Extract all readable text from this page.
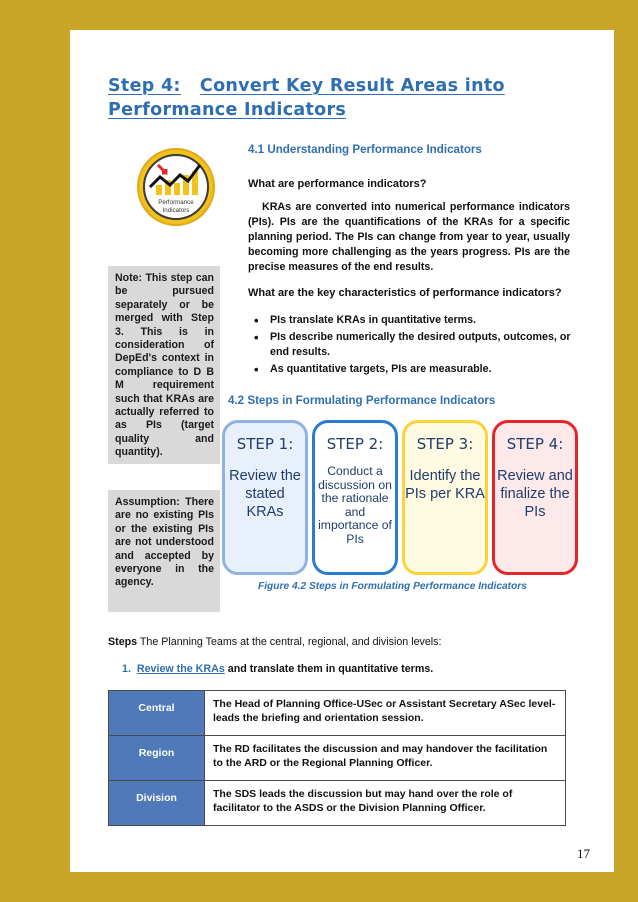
Step 4: Convert Key Result Areas into Performance Indicators
Performance
Indicators
4.1 Understanding Performance Indicators
What are performance indicators?
KRAs are converted into numerical performance indicators (PIs). PIs are the quantifications of the KRAs for a specific planning period. The PIs can change from year to year, usually becoming more challenging as the years progress. PIs are the precise measures of the end results.
What are the key characteristics of performance indicators?
• PIs translate KRAs in quantitative terms.
• PIs describe numerically the desired outputs, outcomes, or end results.
• As quantitative targets, PIs are measurable.
Note: This step can be pursued separately or be merged with Step 3. This is in consideration of DepEd's context in compliance to D B M requirement such that KRAs are actually referred to as PIs (target quality and quantity).
Assumption: There are no existing PIs or the existing PIs are not understood and accepted by everyone in the agency.
4.2 Steps in Formulating Performance Indicators
STEP 1:
Review the stated KRAs
STEP 2:
Conduct a discussion on the rationale and importance of PIs
STEP 3:
Identify the PIs per KRA
STEP 4:
Review and finalize the PIs
Figure 4.2 Steps in Formulating Performance Indicators
Steps The Planning Teams at the central, regional, and division levels:
1. Review the KRAs and translate them in quantitative terms.
Central	The Head of Planning Office-USec or Assistant Secretary ASec level-leads the briefing and orientation session.
Region	The RD facilitates the discussion and may handover the facilitation to the ARD or the Regional Planning Officer.
Division	The SDS leads the discussion but may hand over the role of facilitator to the ASDS or the Division Planning Officer.
17
